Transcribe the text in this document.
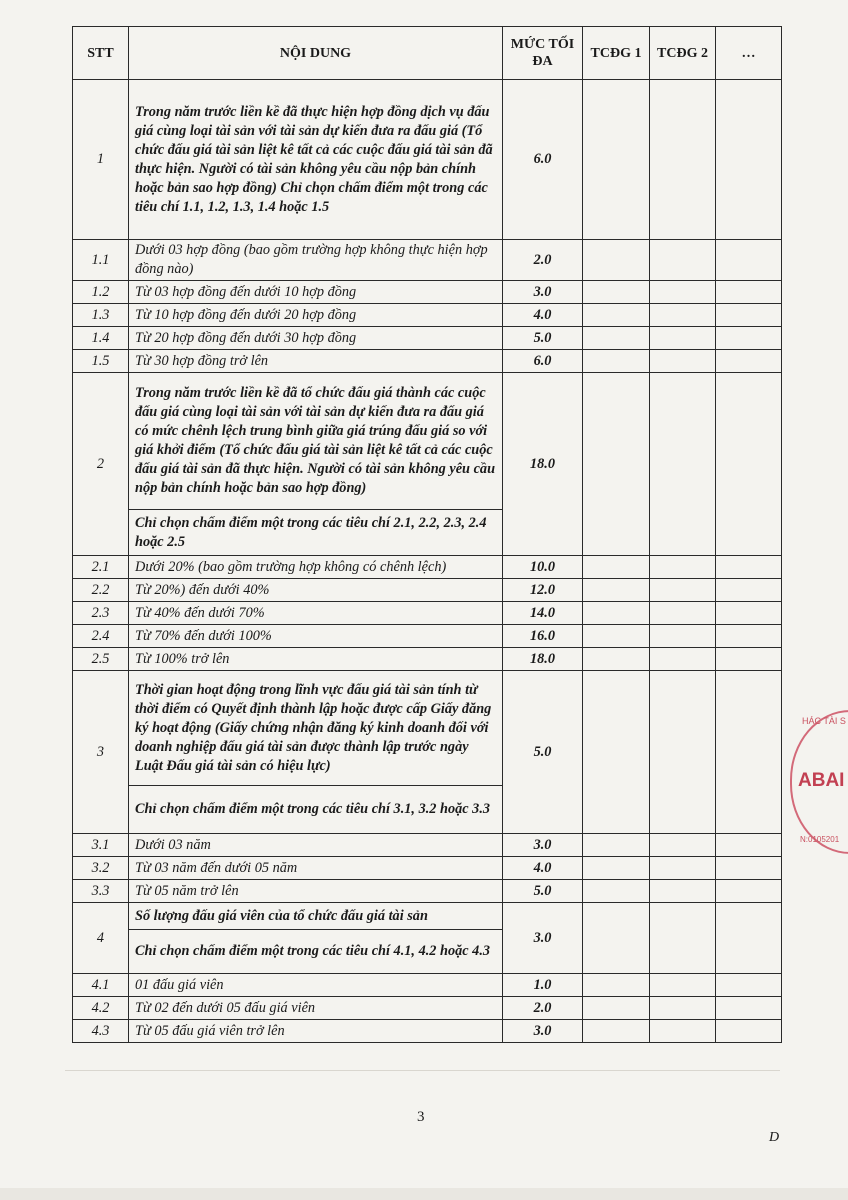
STT	NỘI DUNG	MỨC TỐI ĐA	TCĐG 1	TCĐG 2	…
1	Trong năm trước liền kề đã thực hiện hợp đồng dịch vụ đấu giá cùng loại tài sản với tài sản dự kiến đưa ra đấu giá (Tổ chức đấu giá tài sản liệt kê tất cả các cuộc đấu giá tài sản đã thực hiện. Người có tài sản không yêu cầu nộp bản chính hoặc bản sao hợp đồng) Chỉ chọn chấm điểm một trong các tiêu chí 1.1, 1.2, 1.3, 1.4 hoặc 1.5	6.0			
1.1	Dưới 03 hợp đồng (bao gồm trường hợp không thực hiện hợp đồng nào)	2.0			
1.2	Từ 03 hợp đồng đến dưới 10 hợp đồng	3.0			
1.3	Từ 10 hợp đồng đến dưới 20 hợp đồng	4.0			
1.4	Từ 20 hợp đồng đến dưới 30 hợp đồng	5.0			
1.5	Từ 30 hợp đồng trở lên	6.0			
2	Trong năm trước liền kề đã tổ chức đấu giá thành các cuộc đấu giá cùng loại tài sản với tài sản dự kiến đưa ra đấu giá có mức chênh lệch trung bình giữa giá trúng đấu giá so với giá khởi điểm (Tổ chức đấu giá tài sản liệt kê tất cả các cuộc đấu giá tài sản đã thực hiện. Người có tài sản không yêu cầu nộp bản chính hoặc bản sao hợp đồng)	18.0			
	Chỉ chọn chấm điểm một trong các tiêu chí 2.1, 2.2, 2.3, 2.4 hoặc 2.5				
2.1	Dưới 20% (bao gồm trường hợp không có chênh lệch)	10.0			
2.2	Từ 20%) đến dưới 40%	12.0			
2.3	Từ 40% đến dưới 70%	14.0			
2.4	Từ 70% đến dưới 100%	16.0			
2.5	Từ 100% trở lên	18.0			
3	Thời gian hoạt động trong lĩnh vực đấu giá tài sản tính từ thời điểm có Quyết định thành lập hoặc được cấp Giấy đăng ký hoạt động (Giấy chứng nhận đăng ký kinh doanh đối với doanh nghiệp đấu giá tài sản được thành lập trước ngày Luật Đấu giá tài sản có hiệu lực)	5.0			
	Chỉ chọn chấm điểm một trong các tiêu chí 3.1, 3.2 hoặc 3.3				
3.1	Dưới 03 năm	3.0			
3.2	Từ 03 năm đến dưới 05 năm	4.0			
3.3	Từ 05 năm trở lên	5.0			
4	Số lượng đấu giá viên của tổ chức đấu giá tài sản	3.0			
	Chỉ chọn chấm điểm một trong các tiêu chí 4.1, 4.2 hoặc 4.3				
4.1	01 đấu giá viên	1.0			
4.2	Từ 02 đến dưới 05 đấu giá viên	2.0			
4.3	Từ 05 đấu giá viên trở lên	3.0			
HÁC TÀI S
ABAI
N:0105201
3
D
